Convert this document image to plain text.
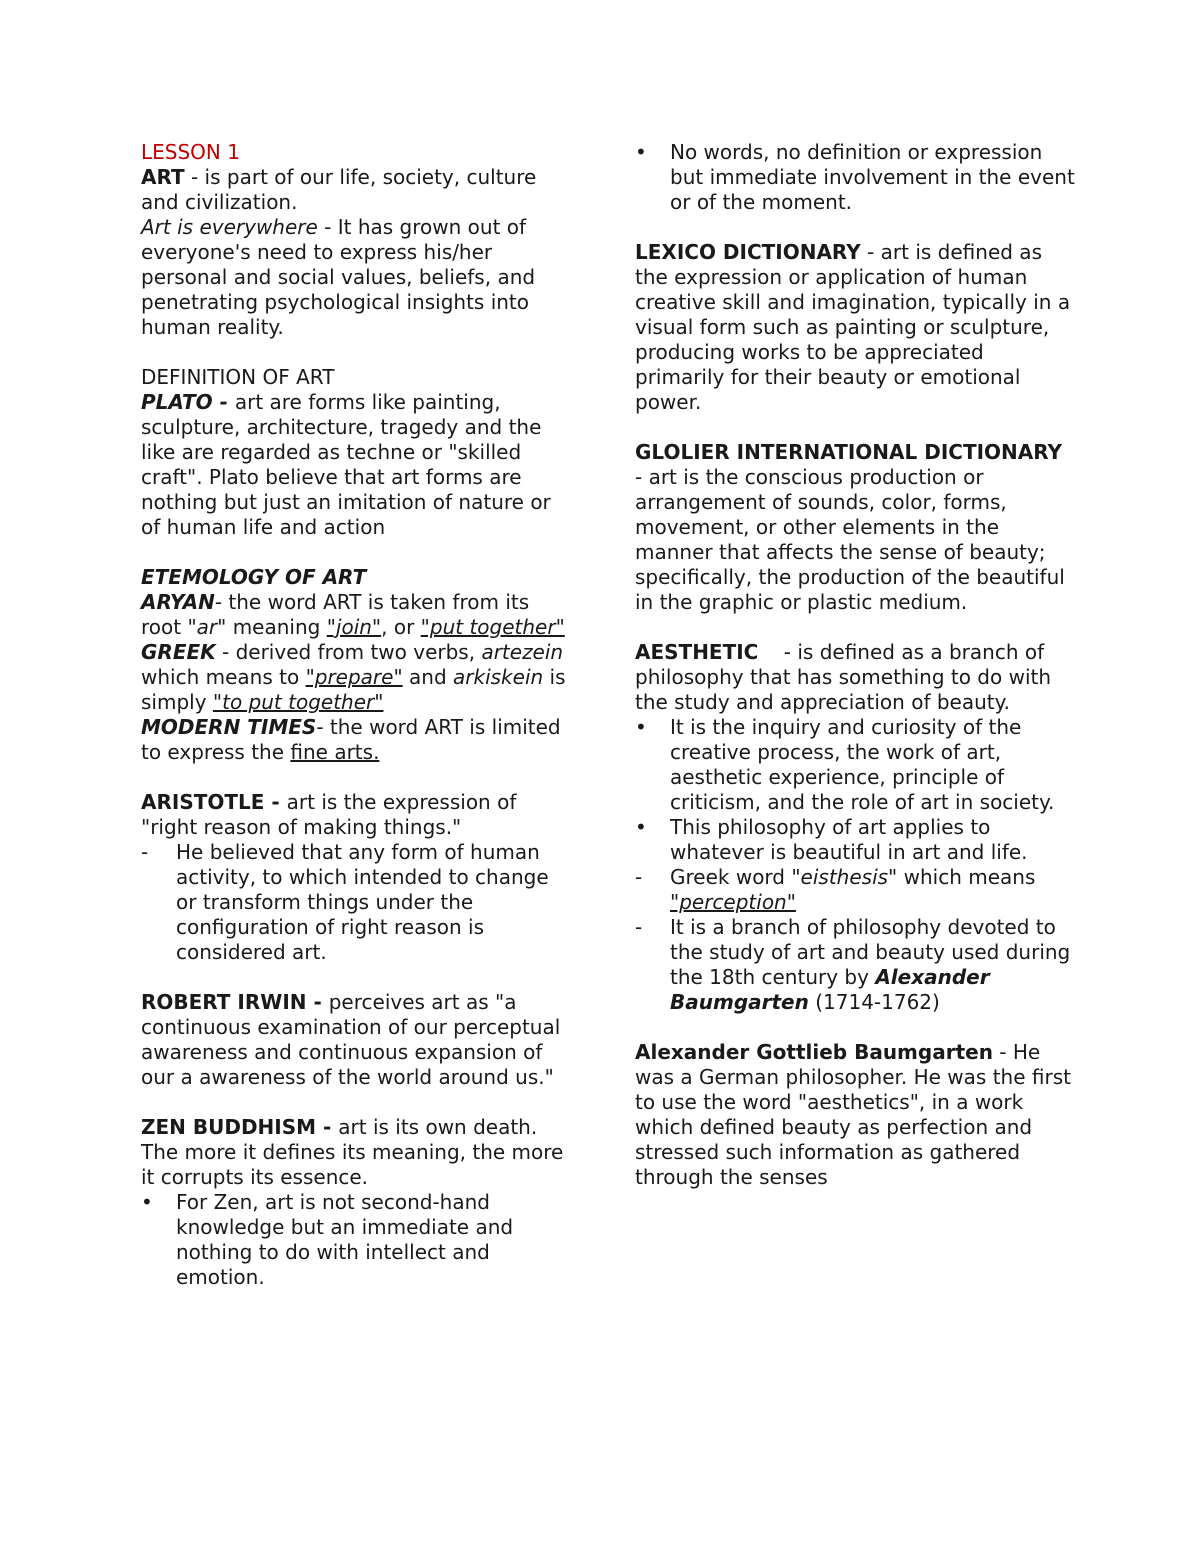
LESSON 1

ART - is part of our life, society, culture and civilization.

Art is everywhere - It has grown out of everyone's need to express his/her personal and social values, beliefs, and penetrating psychological insights into human reality.

DEFINITION OF ART

PLATO - art are forms like painting, sculpture, architecture, tragedy and the like are regarded as techne or "skilled craft". Plato believe that art forms are nothing but just an imitation of nature or of human life and action

ETEMOLOGY OF ART

ARYAN- the word ART is taken from its root "ar" meaning "join", or "put together"

GREEK - derived from two verbs, artezein which means to "prepare" and arkiskein is simply "to put together"

MODERN TIMES- the word ART is limited to express the fine arts.

ARISTOTLE - art is the expression of "right reason of making things."

-	He believed that any form of human activity, to which intended to change or transform things under the configuration of right reason is considered art.

ROBERT IRWIN - perceives art as "a continuous examination of our perceptual awareness and continuous expansion of our a awareness of the world around us."

ZEN BUDDHISM - art is its own death. The more it defines its meaning, the more it corrupts its essence.

•	For Zen, art is not second-hand knowledge but an immediate and nothing to do with intellect and emotion.
•	No words, no definition or expression but immediate involvement in the event or of the moment.

LEXICO DICTIONARY - art is defined as the expression or application of human creative skill and imagination, typically in a visual form such as painting or sculpture, producing works to be appreciated primarily for their beauty or emotional power.

GLOLIER INTERNATIONAL DICTIONARY

- art is the conscious production or arrangement of sounds, color, forms, movement, or other elements in the manner that affects the sense of beauty; specifically, the production of the beautiful in the graphic or plastic medium.

AESTHETIC    - is defined as a branch of philosophy that has something to do with the study and appreciation of beauty.

•	It is the inquiry and curiosity of the creative process, the work of art, aesthetic experience, principle of criticism, and the role of art in society.
•	This philosophy of art applies to whatever is beautiful in art and life.
-	Greek word "eisthesis" which means "perception"
-	It is a branch of philosophy devoted to the study of art and beauty used during the 18th century by Alexander Baumgarten (1714-1762)

Alexander Gottlieb Baumgarten - He was a German philosopher. He was the first to use the word "aesthetics", in a work which defined beauty as perfection and stressed such information as gathered through the senses
